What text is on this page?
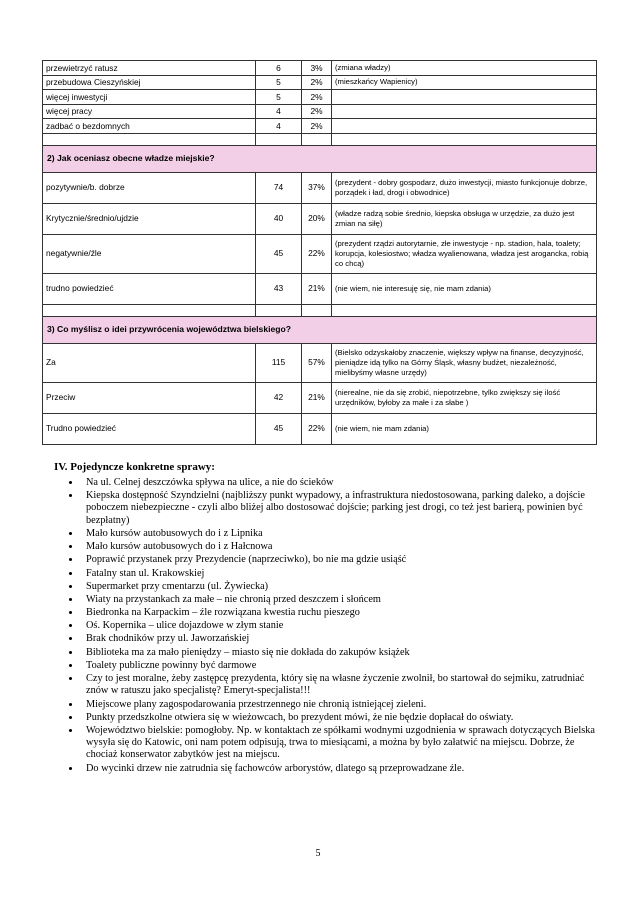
przewietrzyć ratusz	6	3%	(zmiana władzy)
przebudowa Cieszyńskiej	5	2%	(mieszkańcy Wapienicy)
więcej inwestycji	5	2%	
więcej pracy	4	2%	
zadbać o bezdomnych	4	2%	

2) Jak oceniasz obecne władze miejskie?			
pozytywnie/b. dobrze	74	37%	(prezydent - dobry gospodarz, dużo inwestycji, miasto funkcjonuje dobrze, porządek i ład, drogi i obwodnice)
Krytycznie/średnio/ujdzie	40	20%	(władze radzą sobie średnio, kiepska obsługa w urzędzie, za dużo jest zmian na siłę)
negatywnie/źle	45	22%	(prezydent rządzi autorytarnie, złe inwestycje - np. stadion, hala, toalety; korupcja, kolesiostwo; władza wyalienowana, władza jest arogancka, robią co chcą)
trudno powiedzieć	43	21%	(nie wiem, nie interesuję się, nie mam zdania)

3) Co myślisz o idei przywrócenia województwa bielskiego?			
Za	115	57%	(Bielsko odzyskałoby znaczenie, większy wpływ na finanse, decyzyjność, pieniądze idą tylko na Górny Śląsk, własny budżet, niezależność, mielibyśmy własne urzędy)
Przeciw	42	21%	(nierealne, nie da się zrobić, niepotrzebne, tylko zwiększy się ilość urzędników, byłoby za małe i za słabe )
Trudno powiedzieć	45	22%	(nie wiem, nie mam zdania)

IV. Pojedyncze konkretne sprawy:

• Na ul. Celnej deszczówka spływa na ulice, a nie do ścieków
• Kiepska dostępność Szyndzielni (najbliższy punkt wypadowy, a infrastruktura niedostosowana, parking daleko, a dojście poboczem niebezpieczne - czyli albo bliżej albo dostosować dojście; parking jest drogi, co też jest barierą, powinien być bezpłatny)
• Mało kursów autobusowych do i z Lipnika
• Mało kursów autobusowych do i z Hałcnowa
• Poprawić przystanek przy Prezydencie (naprzeciwko), bo nie ma gdzie usiąść
• Fatalny stan ul. Krakowskiej
• Supermarket przy cmentarzu (ul. Żywiecka)
• Wiaty na przystankach za małe – nie chronią przed deszczem i słońcem
• Biedronka na Karpackim – źle rozwiązana kwestia ruchu pieszego
• Oś. Kopernika – ulice dojazdowe w złym stanie
• Brak chodników przy ul. Jaworzańskiej
• Biblioteka ma za mało pieniędzy – miasto się nie dokłada do zakupów książek
• Toalety publiczne powinny być darmowe
• Czy to jest moralne, żeby zastępcę prezydenta, który się na własne życzenie zwolnił, bo startował do sejmiku, zatrudniać znów w ratuszu jako specjalistę? Emeryt-specjalista!!!
• Miejscowe plany zagospodarowania przestrzennego nie chronią istniejącej zieleni.
• Punkty przedszkolne otwiera się w wieżowcach, bo prezydent mówi, że nie będzie dopłacał do oświaty.
• Województwo bielskie: pomogłoby. Np. w kontaktach ze spółkami wodnymi uzgodnienia w sprawach dotyczących Bielska wysyła się do Katowic, oni nam potem odpisują, trwa to miesiącami, a można by było załatwić na miejscu. Dobrze, że chociaż konserwator zabytków jest na miejscu.
• Do wycinki drzew nie zatrudnia się fachowców arborystów, dlatego są przeprowadzane źle.
5
